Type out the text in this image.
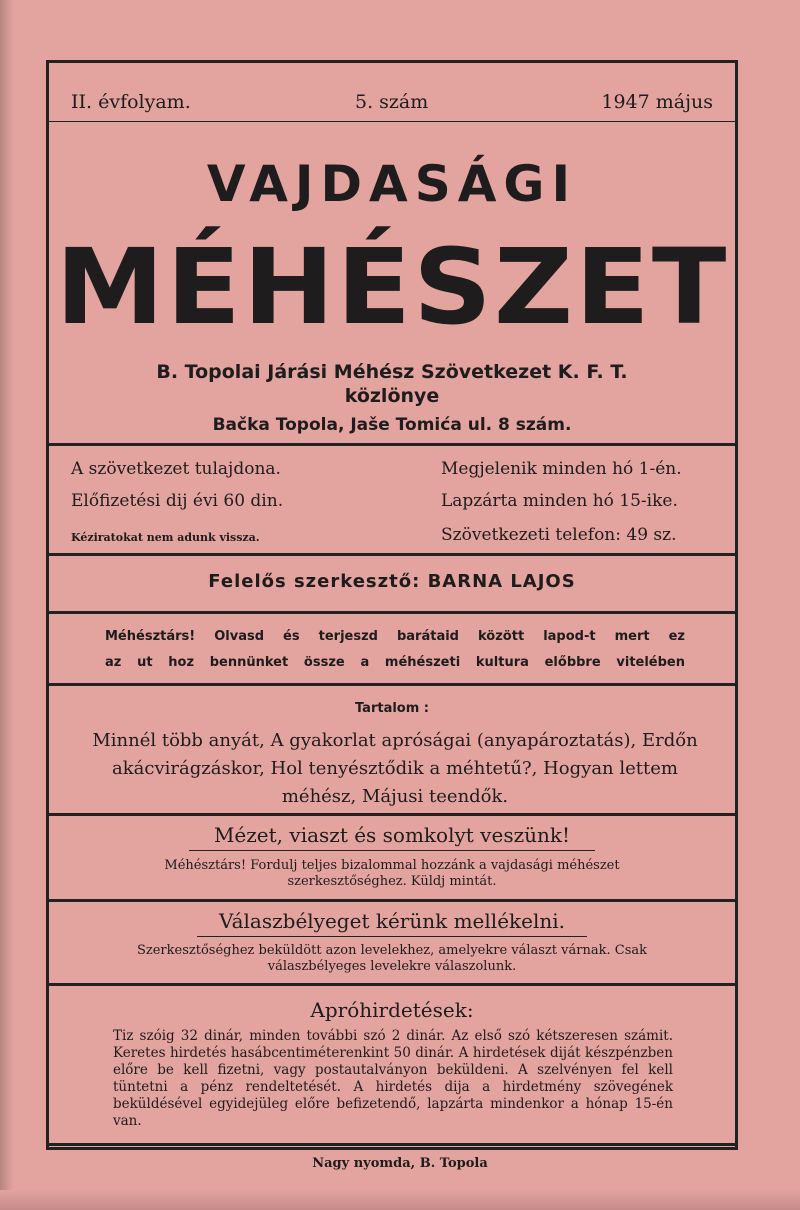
II. évfolyam.	5. szám	1947 május
VAJDASÁGI
MÉHÉSZET
B. Topolai Járási Méhész Szövetkezet K. F. T.
közlönye
Bačka Topola, Jaše Tomića ul. 8 szám.
A szövetkezet tulajdona.
Előfizetési dij évi 60 din.
Kéziratokat nem adunk vissza.
Megjelenik minden hó 1-én.
Lapzárta minden hó 15-ike.
Szövetkezeti telefon: 49 sz.
Felelős szerkesztő: BARNA LAJOS
Méhésztárs! Olvasd és terjeszd barátaid között lapod-t mert ez
az ut hoz bennünket össze a méhészeti kultura előbbre vitelében
Tartalom :
Minnél több anyát, A gyakorlat apróságai (anyapároztatás), Erdőn akácvirágzáskor, Hol tenyésztődik a méhtetű?, Hogyan lettem méhész, Májusi teendők.
Mézet, viaszt és somkolyt veszünk!
Méhésztárs! Fordulj teljes bizalommal hozzánk a vajdasági méhészet szerkesztőséghez. Küldj mintát.
Válaszbélyeget kérünk mellékelni.
Szerkesztőséghez beküldött azon levelekhez, amelyekre választ várnak. Csak válaszbélyeges levelekre válaszolunk.
Apróhirdetések:
Tiz szóig 32 dinár, minden további szó 2 dinár. Az első szó kétszeresen számit. Keretes hirdetés hasábcentiméterenkint 50 dinár. A hirdetések diját készpénzben előre be kell fizetni, vagy postautalványon beküldeni. A szelvényen fel kell tüntetni a pénz rendeltetését. A hirdetés dija a hirdetmény szövegének beküldésével egyidejüleg előre befizetendő, lapzárta mindenkor a hónap 15-én van.
Nagy nyomda, B. Topola
